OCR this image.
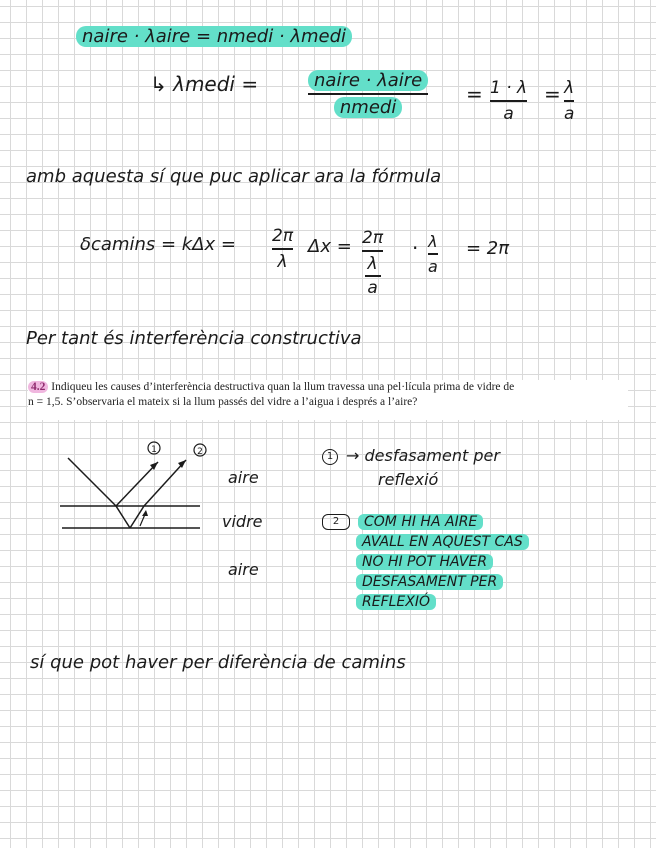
naire · λaire = nmedi · λmedi
↳ λmedi =	naire · λaire
nmedi
= 1 · λ
a
= λ
a
amb aquesta sí que puc aplicar ara la fórmula
δcamins = kΔx = 2π
λ
Δx = 2π
λ
a
· λ
a
= 2π
Per tant és interferència constructiva
4.2 Indiqueu les causes d’interferència destructiva quan la llum travessa una pel·lícula prima de vidre de
n = 1,5. S’observaria el mateix si la llum passés del vidre a l’aigua i després a l’aire?
1	2
aire
vidre
aire
1 → desfasament per
reflexió
2 COM HI HA AIRE
AVALL EN AQUEST CAS
NO HI POT HAVER
DESFASAMENT PER
REFLEXIÓ
sí que pot haver per diferència de camins
